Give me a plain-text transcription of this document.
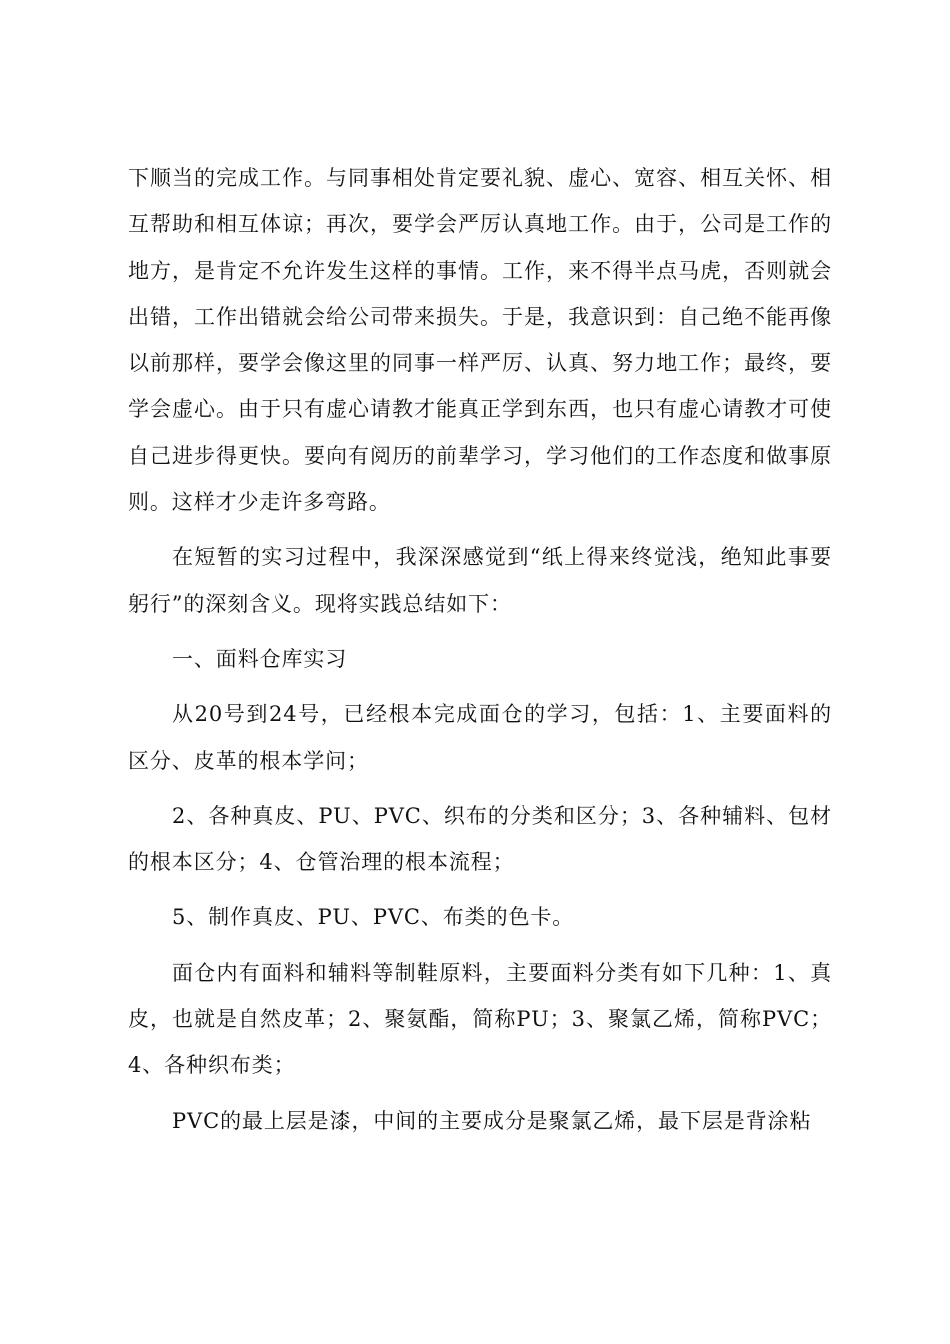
下顺当的完成工作。与同事相处肯定要礼貌、虚心、宽容、相互关怀、相互帮助和相互体谅；再次，要学会严厉认真地工作。由于，公司是工作的地方，是肯定不允许发生这样的事情。工作，来不得半点马虎，否则就会出错，工作出错就会给公司带来损失。于是，我意识到：自己绝不能再像以前那样，要学会像这里的同事一样严厉、认真、努力地工作；最终，要学会虚心。由于只有虚心请教才能真正学到东西，也只有虚心请教才可使自己进步得更快。要向有阅历的前辈学习，学习他们的工作态度和做事原则。这样才少走许多弯路。

在短暂的实习过程中，我深深感觉到“纸上得来终觉浅，绝知此事要躬行”的深刻含义。现将实践总结如下：

一、面料仓库实习

从20号到24号，已经根本完成面仓的学习，包括：1、主要面料的区分、皮革的根本学问；

2、各种真皮、PU、PVC、织布的分类和区分；3、各种辅料、包材的根本区分；4、仓管治理的根本流程；

5、制作真皮、PU、PVC、布类的色卡。

面仓内有面料和辅料等制鞋原料，主要面料分类有如下几种：1、真皮，也就是自然皮革；2、聚氨酯，简称PU；3、聚氯乙烯，简称PVC；4、各种织布类；

PVC的最上层是漆，中间的主要成分是聚氯乙烯，最下层是背涂粘
